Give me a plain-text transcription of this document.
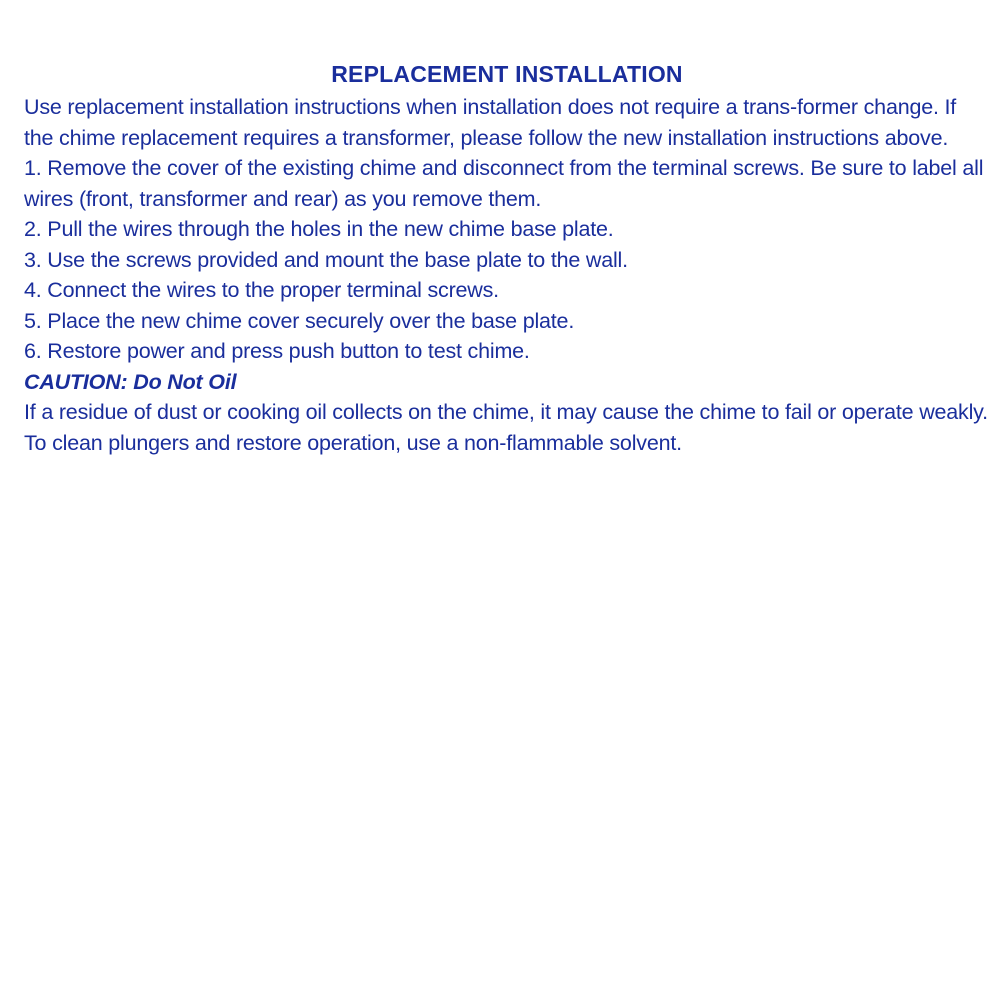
REPLACEMENT INSTALLATION

Use replacement installation instructions when installation does not require a trans-former change. If the chime replacement requires a transformer, please follow the new installation instructions above.

1. Remove the cover of the existing chime and disconnect from the terminal screws. Be sure to label all wires (front, transformer and rear) as you remove them.
2. Pull the wires through the holes in the new chime base plate.
3. Use the screws provided and mount the base plate to the wall.
4. Connect the wires to the proper terminal screws.
5. Place the new chime cover securely over the base plate.
6. Restore power and press push button to test chime.

CAUTION: Do Not Oil

If a residue of dust or cooking oil collects on the chime, it may cause the chime to fail or operate weakly. To clean plungers and restore operation, use a non-flammable solvent.
